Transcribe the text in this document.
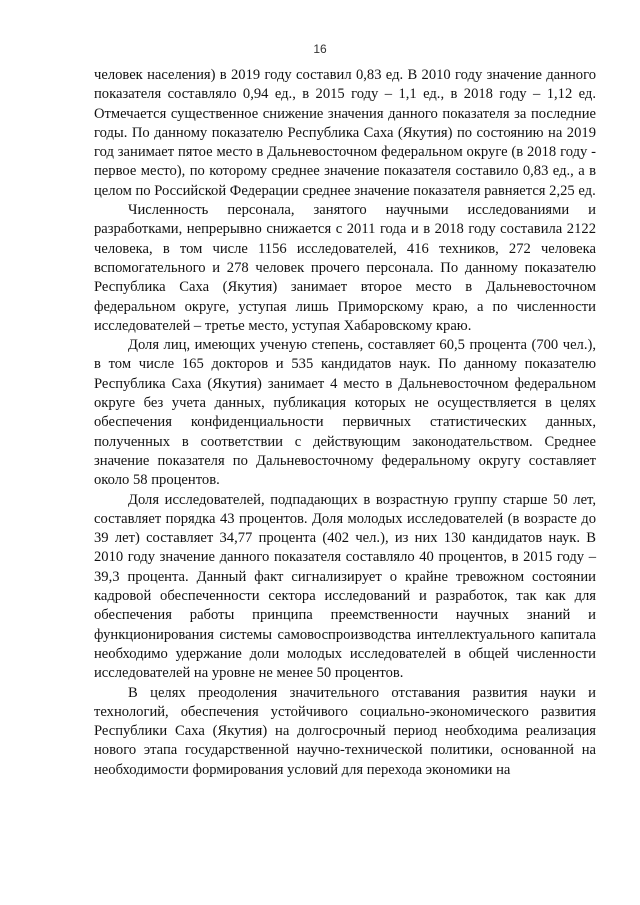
16

человек населения) в 2019 году составил 0,83 ед. В 2010 году значение данного показателя составляло 0,94 ед., в 2015 году – 1,1 ед., в 2018 году – 1,12 ед. Отмечается существенное снижение значения данного показателя за последние годы. По данному показателю Республика Саха (Якутия) по состоянию на 2019 год занимает пятое место в Дальневосточном федеральном округе (в 2018 году - первое место), по которому среднее значение показателя составило 0,83 ед., а в целом по Российской Федерации среднее значение показателя равняется 2,25 ед.

Численность персонала, занятого научными исследованиями и разработками, непрерывно снижается с 2011 года и в 2018 году составила 2122 человека, в том числе 1156 исследователей, 416 техников, 272 человека вспомогательного и 278 человек прочего персонала. По данному показателю Республика Саха (Якутия) занимает второе место в Дальневосточном федеральном округе, уступая лишь Приморскому краю, а по численности исследователей – третье место, уступая Хабаровскому краю.

Доля лиц, имеющих ученую степень, составляет 60,5 процента (700 чел.), в том числе 165 докторов и 535 кандидатов наук. По данному показателю Республика Саха (Якутия) занимает 4 место в Дальневосточном федеральном округе без учета данных, публикация которых не осуществляется в целях обеспечения конфиденциальности первичных статистических данных, полученных в соответствии с действующим законодательством. Среднее значение показателя по Дальневосточному федеральному округу составляет около 58 процентов.

Доля исследователей, подпадающих в возрастную группу старше 50 лет, составляет порядка 43 процентов. Доля молодых исследователей (в возрасте до 39 лет) составляет 34,77 процента (402 чел.), из них 130 кандидатов наук. В 2010 году значение данного показателя составляло 40 процентов, в 2015 году – 39,3 процента. Данный факт сигнализирует о крайне тревожном состоянии кадровой обеспеченности сектора исследований и разработок, так как для обеспечения работы принципа преемственности научных знаний и функционирования системы самовоспроизводства интеллектуального капитала необходимо удержание доли молодых исследователей в общей численности исследователей на уровне не менее 50 процентов.

В целях преодоления значительного отставания развития науки и технологий, обеспечения устойчивого социально-экономического развития Республики Саха (Якутия) на долгосрочный период необходима реализация нового этапа государственной научно-технической политики, основанной на необходимости формирования условий для перехода экономики на
